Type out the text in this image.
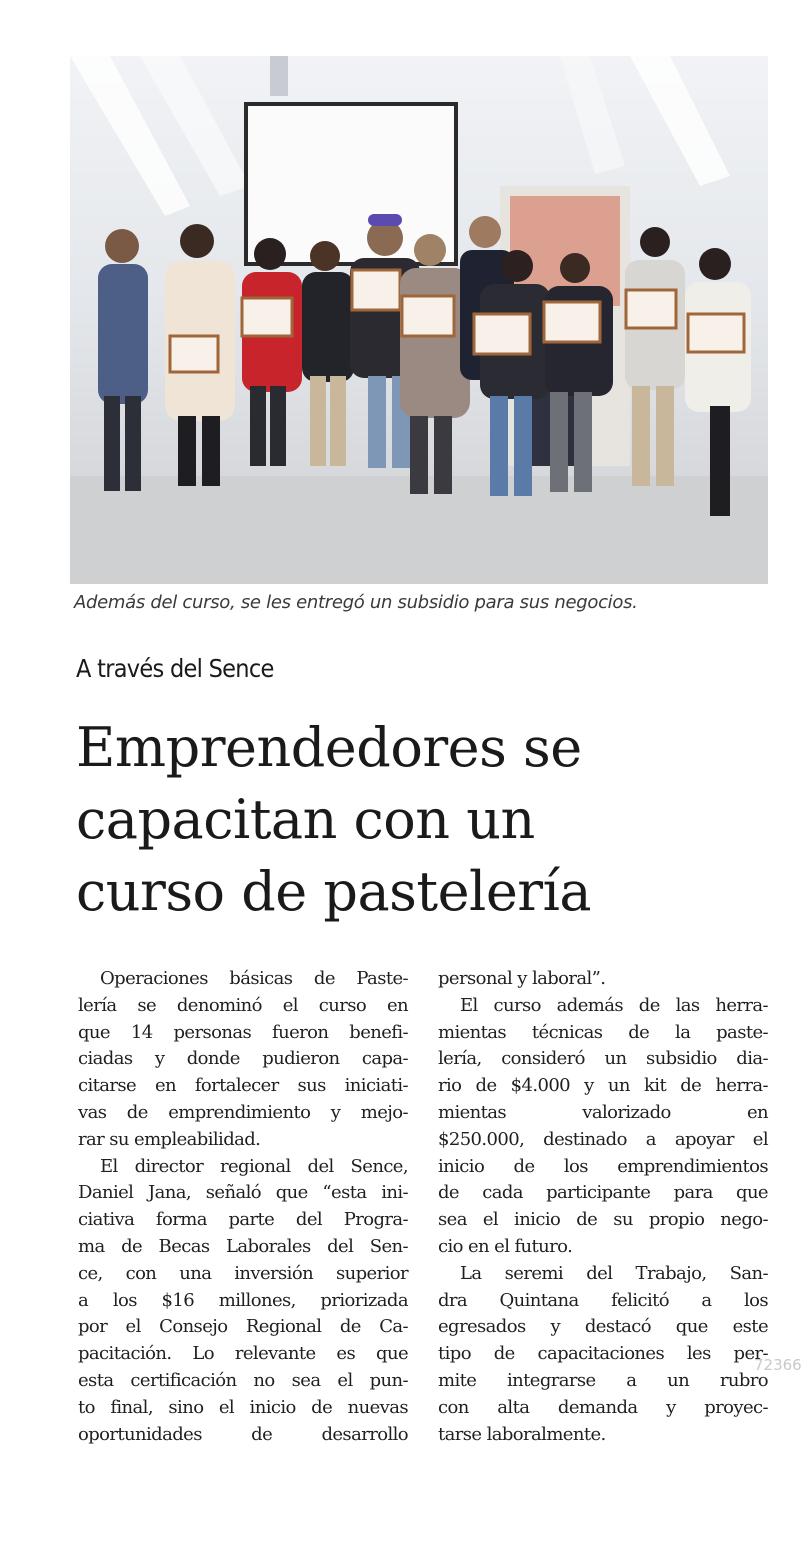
Además del curso, se les entregó un subsidio para sus negocios.
A través del Sence
Emprendedores se
capacitan con un
curso de pastelería
Operaciones básicas de Paste-
lería se denominó el curso en
que 14 personas fueron benefi-
ciadas y donde pudieron capa-
citarse en fortalecer sus iniciati-
vas de emprendimiento y mejo-
rar su empleabilidad.
El director regional del Sence,
Daniel Jana, señaló que “esta ini-
ciativa forma parte del Progra-
ma de Becas Laborales del Sen-
ce, con una inversión superior
a los $16 millones, priorizada
por el Consejo Regional de Ca-
pacitación. Lo relevante es que
esta certificación no sea el pun-
to final, sino el inicio de nuevas
oportunidades de desarrollo
personal y laboral”.
El curso además de las herra-
mientas técnicas de la paste-
lería, consideró un subsidio dia-
rio de $4.000 y un kit de herra-
mientas valorizado en
$250.000, destinado a apoyar el
inicio de los emprendimientos
de cada participante para que
sea el inicio de su propio nego-
cio en el futuro.
La seremi del Trabajo, San-
dra Quintana felicitó a los
egresados y destacó que este
tipo de capacitaciones les per-
mite integrarse a un rubro
con alta demanda y proyec-
tarse laboralmente.
72366
